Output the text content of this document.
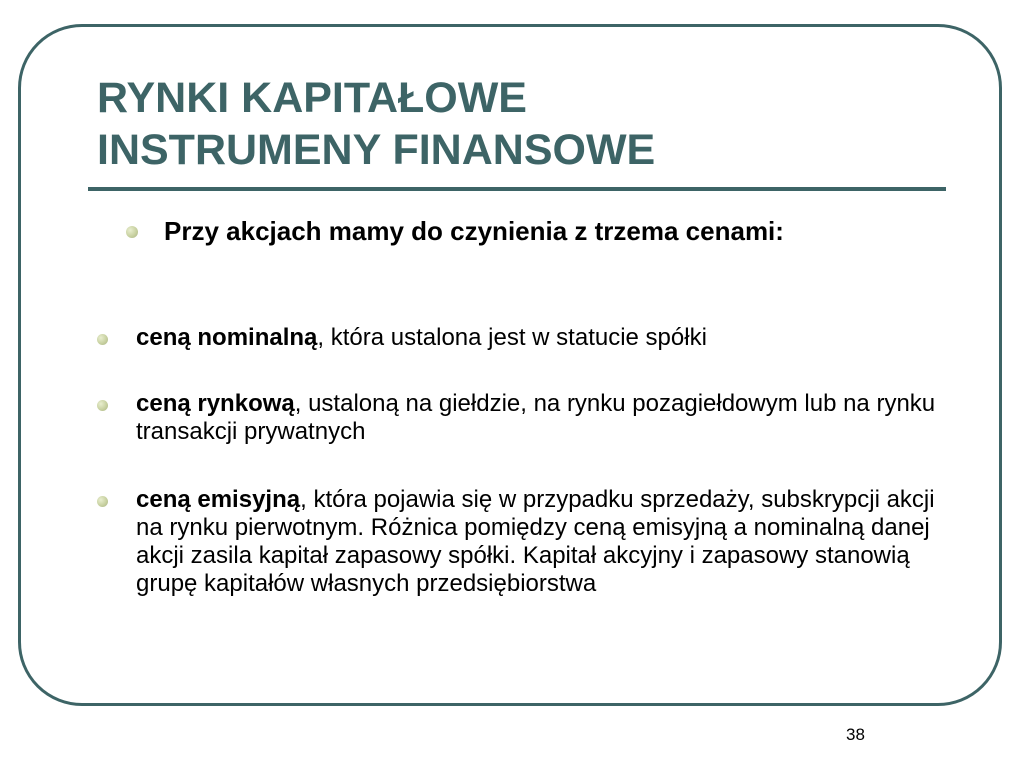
RYNKI KAPITAŁOWE
INSTRUMENY FINANSOWE
Przy akcjach mamy do czynienia z trzema cenami:
ceną nominalną, która ustalona jest w statucie spółki
ceną rynkową, ustaloną na giełdzie, na rynku pozagiełdowym lub na rynku transakcji prywatnych
ceną emisyjną, która pojawia się w przypadku sprzedaży, subskrypcji akcji na rynku pierwotnym. Różnica pomiędzy ceną emisyjną a nominalną danej akcji zasila kapitał zapasowy spółki. Kapitał akcyjny i zapasowy stanowią grupę kapitałów własnych przedsiębiorstwa
38
